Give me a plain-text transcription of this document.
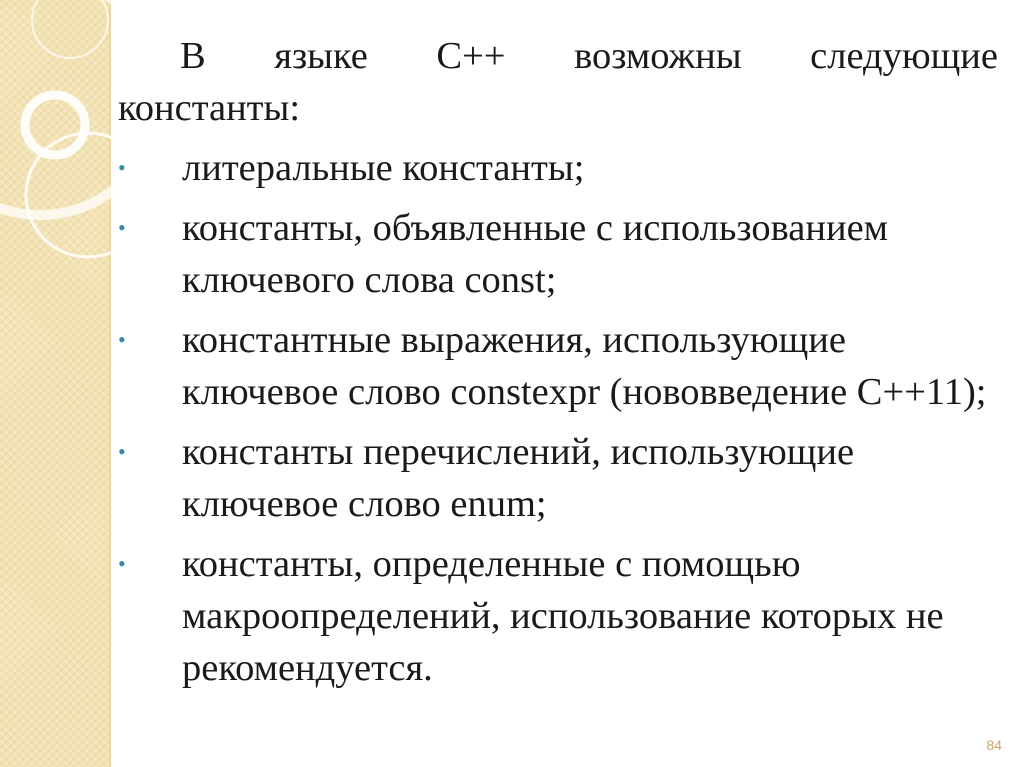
В языке С++ возможны следующие
константы:

• литеральные константы;
• константы, объявленные с использованием ключевого слова const;
• константные выражения, использующие ключевое слово constexpr (нововведение С++11);
• константы перечислений, использующие ключевое слово enum;
• константы, определенные с помощью макроопределений, использование которых не рекомендуется.
84
